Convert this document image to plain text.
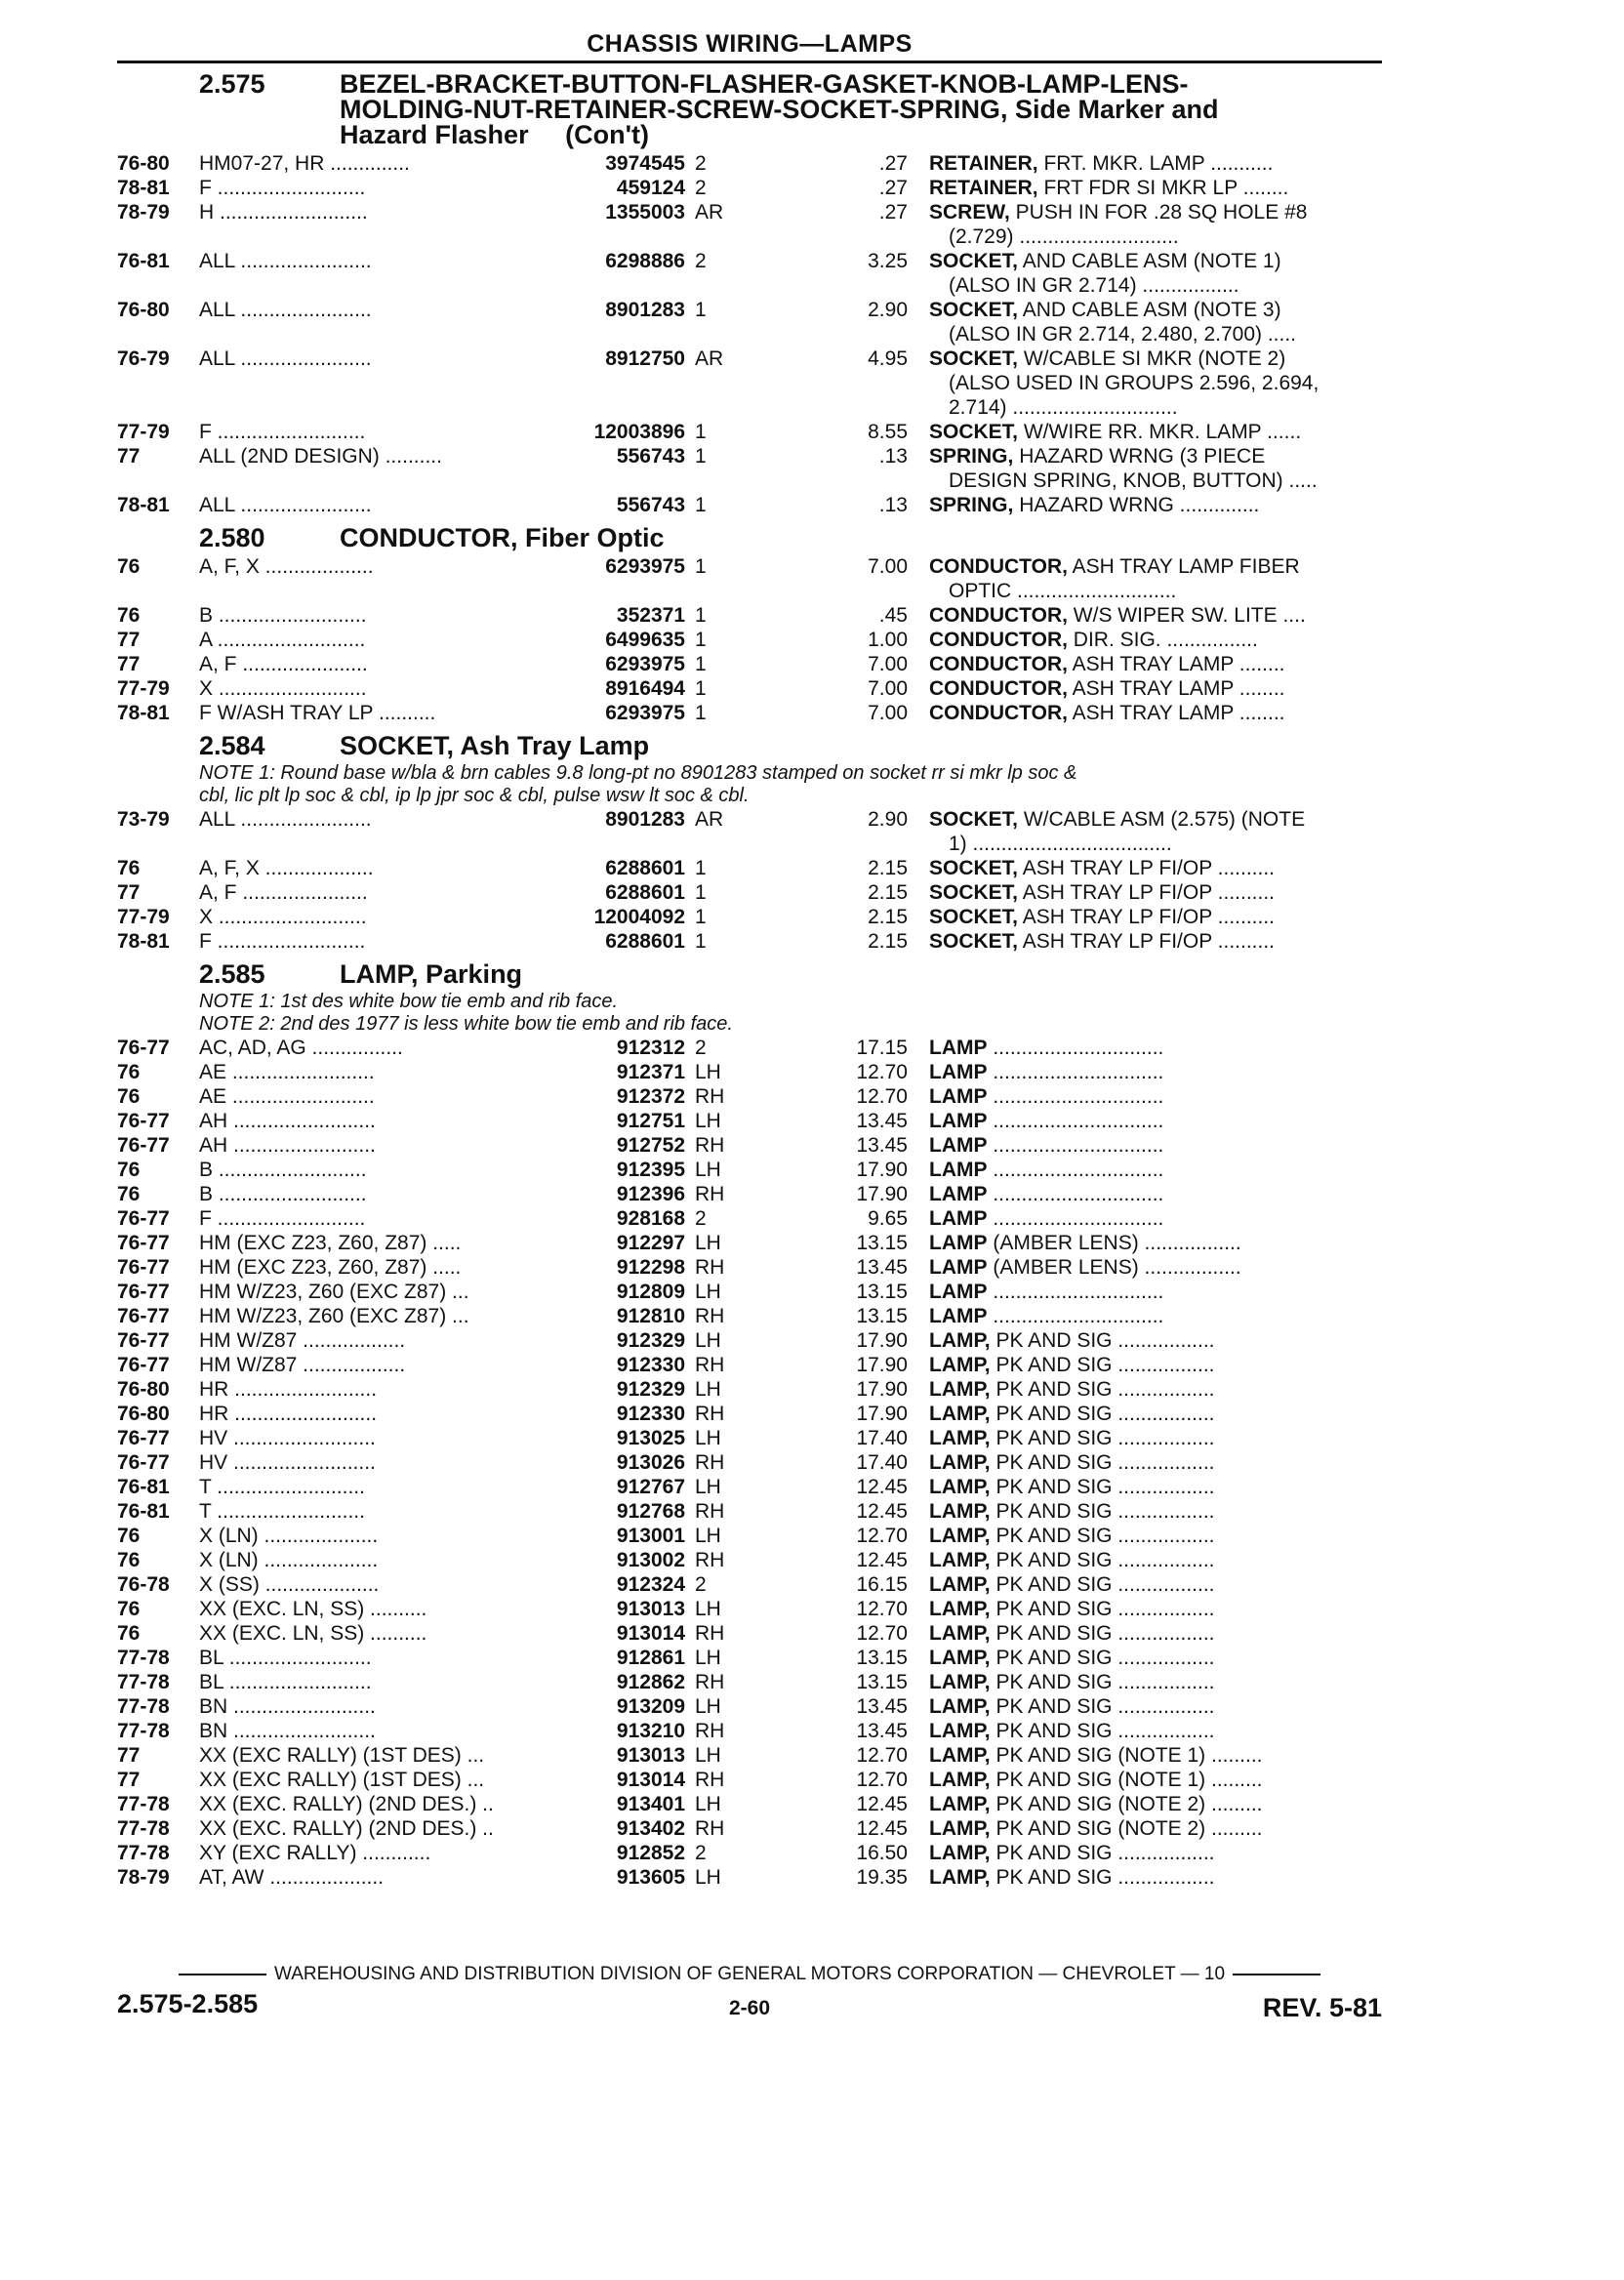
CHASSIS WIRING—LAMPS
2.575	BEZEL-BRACKET-BUTTON-FLASHER-GASKET-KNOB-LAMP-LENS-
MOLDING-NUT-RETAINER-SCREW-SOCKET-SPRING, Side Marker and
Hazard Flasher (Con't)
76-80	HM07-27, HR ..............	3974545 2	.27 RETAINER, FRT. MKR. LAMP ...........
78-81	F ..........................	459124 2	.27 RETAINER, FRT FDR SI MKR LP ........
78-79	H ..........................	1355003 AR	.27 SCREW, PUSH IN FOR .28 SQ HOLE #8
(2.729) ............................
76-81	ALL .......................	6298886 2	3.25 SOCKET, AND CABLE ASM (NOTE 1)
(ALSO IN GR 2.714) .................
76-80	ALL .......................	8901283 1	2.90 SOCKET, AND CABLE ASM (NOTE 3)
(ALSO IN GR 2.714, 2.480, 2.700) .....
76-79	ALL .......................	8912750 AR	4.95 SOCKET, W/CABLE SI MKR (NOTE 2)
(ALSO USED IN GROUPS 2.596, 2.694,
2.714) .............................
77-79	F ..........................	12003896 1	8.55 SOCKET, W/WIRE RR. MKR. LAMP ......
77	ALL (2ND DESIGN) ..........	556743 1	.13 SPRING, HAZARD WRNG (3 PIECE
DESIGN SPRING, KNOB, BUTTON) .....
78-81	ALL .......................	556743 1	.13 SPRING, HAZARD WRNG ..............
2.580	CONDUCTOR, Fiber Optic
76	A, F, X ...................	6293975 1	7.00 CONDUCTOR, ASH TRAY LAMP FIBER
OPTIC ............................
76	B ..........................	352371 1	.45 CONDUCTOR, W/S WIPER SW. LITE ....
77	A ..........................	6499635 1	1.00 CONDUCTOR, DIR. SIG. ................
77	A, F ......................	6293975 1	7.00 CONDUCTOR, ASH TRAY LAMP ........
77-79	X ..........................	8916494 1	7.00 CONDUCTOR, ASH TRAY LAMP ........
78-81	F W/ASH TRAY LP ..........	6293975 1	7.00 CONDUCTOR, ASH TRAY LAMP ........
2.584	SOCKET, Ash Tray Lamp
NOTE 1: Round base w/bla & brn cables 9.8 long-pt no 8901283 stamped on socket rr si mkr lp soc &
cbl, lic plt lp soc & cbl, ip lp jpr soc & cbl, pulse wsw lt soc & cbl.
73-79	ALL .......................	8901283 AR	2.90 SOCKET, W/CABLE ASM (2.575) (NOTE
1) ...................................
76	A, F, X ...................	6288601 1	2.15 SOCKET, ASH TRAY LP FI/OP ..........
77	A, F ......................	6288601 1	2.15 SOCKET, ASH TRAY LP FI/OP ..........
77-79	X ..........................	12004092 1	2.15 SOCKET, ASH TRAY LP FI/OP ..........
78-81	F ..........................	6288601 1	2.15 SOCKET, ASH TRAY LP FI/OP ..........
2.585	LAMP, Parking
NOTE 1: 1st des white bow tie emb and rib face.
NOTE 2: 2nd des 1977 is less white bow tie emb and rib face.
76-77	AC, AD, AG ................	912312 2	17.15 LAMP ..............................
76	AE .........................	912371 LH	12.70 LAMP ..............................
76	AE .........................	912372 RH	12.70 LAMP ..............................
76-77	AH .........................	912751 LH	13.45 LAMP ..............................
76-77	AH .........................	912752 RH	13.45 LAMP ..............................
76	B ..........................	912395 LH	17.90 LAMP ..............................
76	B ..........................	912396 RH	17.90 LAMP ..............................
76-77	F ..........................	928168 2	9.65 LAMP ..............................
76-77	HM (EXC Z23, Z60, Z87) .....	912297 LH	13.15 LAMP (AMBER LENS) .................
76-77	HM (EXC Z23, Z60, Z87) .....	912298 RH	13.45 LAMP (AMBER LENS) .................
76-77	HM W/Z23, Z60 (EXC Z87) ...	912809 LH	13.15 LAMP ..............................
76-77	HM W/Z23, Z60 (EXC Z87) ...	912810 RH	13.15 LAMP ..............................
76-77	HM W/Z87 ..................	912329 LH	17.90 LAMP, PK AND SIG .................
76-77	HM W/Z87 ..................	912330 RH	17.90 LAMP, PK AND SIG .................
76-80	HR .........................	912329 LH	17.90 LAMP, PK AND SIG .................
76-80	HR .........................	912330 RH	17.90 LAMP, PK AND SIG .................
76-77	HV .........................	913025 LH	17.40 LAMP, PK AND SIG .................
76-77	HV .........................	913026 RH	17.40 LAMP, PK AND SIG .................
76-81	T ..........................	912767 LH	12.45 LAMP, PK AND SIG .................
76-81	T ..........................	912768 RH	12.45 LAMP, PK AND SIG .................
76	X (LN) ....................	913001 LH	12.70 LAMP, PK AND SIG .................
76	X (LN) ....................	913002 RH	12.45 LAMP, PK AND SIG .................
76-78	X (SS) ....................	912324 2	16.15 LAMP, PK AND SIG .................
76	XX (EXC. LN, SS) ..........	913013 LH	12.70 LAMP, PK AND SIG .................
76	XX (EXC. LN, SS) ..........	913014 RH	12.70 LAMP, PK AND SIG .................
77-78	BL .........................	912861 LH	13.15 LAMP, PK AND SIG .................
77-78	BL .........................	912862 RH	13.15 LAMP, PK AND SIG .................
77-78	BN .........................	913209 LH	13.45 LAMP, PK AND SIG .................
77-78	BN .........................	913210 RH	13.45 LAMP, PK AND SIG .................
77	XX (EXC RALLY) (1ST DES) ...	913013 LH	12.70 LAMP, PK AND SIG (NOTE 1) .........
77	XX (EXC RALLY) (1ST DES) ...	913014 RH	12.70 LAMP, PK AND SIG (NOTE 1) .........
77-78	XX (EXC. RALLY) (2ND DES.) ..	913401 LH	12.45 LAMP, PK AND SIG (NOTE 2) .........
77-78	XX (EXC. RALLY) (2ND DES.) ..	913402 RH	12.45 LAMP, PK AND SIG (NOTE 2) .........
77-78	XY (EXC RALLY) ............	912852 2	16.50 LAMP, PK AND SIG .................
78-79	AT, AW ....................	913605 LH	19.35 LAMP, PK AND SIG .................
WAREHOUSING AND DISTRIBUTION DIVISION OF GENERAL MOTORS CORPORATION — CHEVROLET — 10
2.575-2.585	2-60	REV. 5-81
